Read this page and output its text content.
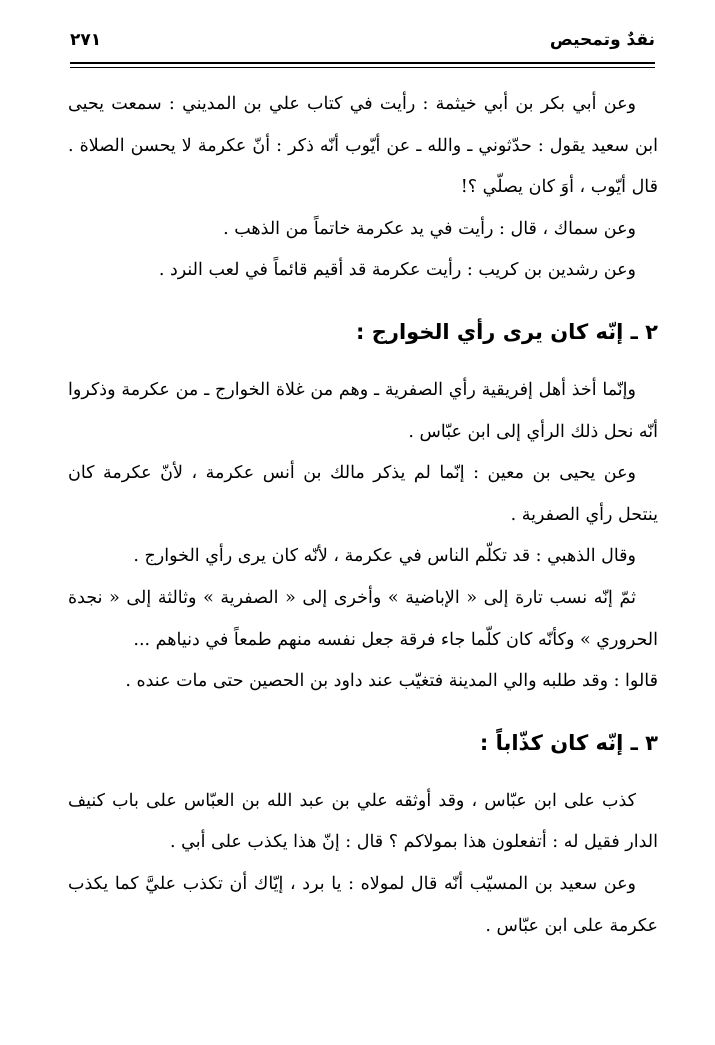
نقدٌ وتمحيص
٢٧١

وعن أبي بكر بن أبي خيثمة : رأيت في كتاب علي بن المديني : سمعت يحيى ابن سعيد يقول : حدّثوني ـ والله ـ عن أيّوب أنّه ذكر : أنّ عكرمة لا يحسن الصلاة . قال أيّوب ، أوَ كان يصلّي ؟!

وعن سماك ، قال : رأيت في يد عكرمة خاتماً من الذهب .

وعن رشدين بن كريب : رأيت عكرمة قد أقيم قائماً في لعب النرد .

٢ ـ إنّه كان يرى رأي الخوارج :

وإنّما أخذ أهل إفريقية رأي الصفرية ـ وهم من غلاة الخوارج ـ من عكرمة وذكروا أنّه نحل ذلك الرأي إلى ابن عبّاس .

وعن يحيى بن معين : إنّما لم يذكر مالك بن أنس عكرمة ، لأنّ عكرمة كان ينتحل رأي الصفرية .

وقال الذهبي : قد تكلّم الناس في عكرمة ، لأنّه كان يرى رأي الخوارج .

ثمّ إنّه نسب تارة إلى « الإباضية » وأخرى إلى « الصفرية » وثالثة إلى « نجدة الحروري » وكأنّه كان كلّما جاء فرقة جعل نفسه منهم طمعاً في دنياهم ...

قالوا : وقد طلبه والي المدينة فتغيّب عند داود بن الحصين حتى مات عنده .

٣ ـ إنّه كان كذّاباً :

كذب على ابن عبّاس ، وقد أوثقه علي بن عبد الله بن العبّاس على باب كنيف الدار فقيل له : أتفعلون هذا بمولاكم ؟ قال : إنّ هذا يكذب على أبي .

وعن سعيد بن المسيّب أنّه قال لمولاه : يا برد ، إيّاك أن تكذب عليَّ كما يكذب عكرمة على ابن عبّاس .
